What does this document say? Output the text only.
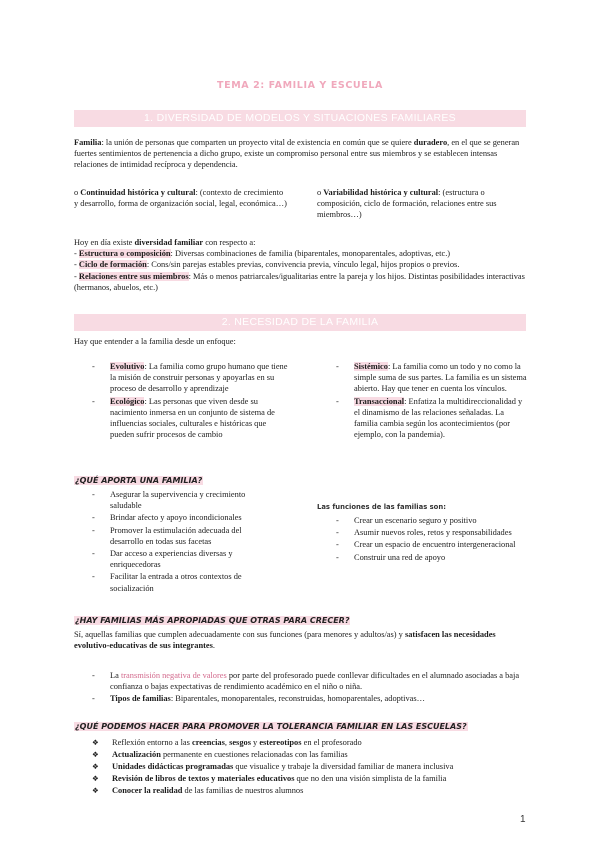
TEMA 2: FAMILIA Y ESCUELA
1. DIVERSIDAD DE MODELOS Y SITUACIONES FAMILIARES
Familia: la unión de personas que comparten un proyecto vital de existencia en común que se quiere duradero, en el que se generan fuertes sentimientos de pertenencia a dicho grupo, existe un compromiso personal entre sus miembros y se establecen intensas relaciones de intimidad recíproca y dependencia.
o Continuidad histórica y cultural: (contexto de crecimiento y desarrollo, forma de organización social, legal, económica…)
o Variabilidad histórica y cultural: (estructura o composición, ciclo de formación, relaciones entre sus miembros…)
Hoy en día existe diversidad familiar con respecto a:
- Estructura o composición: Diversas combinaciones de familia (biparentales, monoparentales, adoptivas, etc.)
- Ciclo de formación: Cons/sin parejas estables previas, convivencia previa, vínculo legal, hijos propios o previos.
- Relaciones entre sus miembros: Más o menos patriarcales/igualitarias entre la pareja y los hijos. Distintas posibilidades interactivas (hermanos, abuelos, etc.)
2. NECESIDAD DE LA FAMILIA
Hay que entender a la familia desde un enfoque:
- Evolutivo: La familia como grupo humano que tiene la misión de construir personas y apoyarlas en su proceso de desarrollo y aprendizaje
- Ecológico: Las personas que viven desde su nacimiento inmersa en un conjunto de sistema de influencias sociales, culturales e históricas que pueden sufrir procesos de cambio
- Sistémico: La familia como un todo y no como la simple suma de sus partes. La familia es un sistema abierto. Hay que tener en cuenta los vínculos.
- Transaccional: Enfatiza la multidireccionalidad y el dinamismo de las relaciones señaladas. La familia cambia según los acontecimientos (por ejemplo, con la pandemia).
¿QUÉ APORTA UNA FAMILIA?
- Asegurar la supervivencia y crecimiento saludable
- Brindar afecto y apoyo incondicionales
- Promover la estimulación adecuada del desarrollo en todas sus facetas
- Dar acceso a experiencias diversas y enriquecedoras
- Facilitar la entrada a otros contextos de socialización
Las funciones de las familias son:
- Crear un escenario seguro y positivo
- Asumir nuevos roles, retos y responsabilidades
- Crear un espacio de encuentro intergeneracional
- Construir una red de apoyo
¿HAY FAMILIAS MÁS APROPIADAS QUE OTRAS PARA CRECER?
Sí, aquellas familias que cumplen adecuadamente con sus funciones (para menores y adultos/as) y satisfacen las necesidades evolutivo-educativas de sus integrantes.
- La transmisión negativa de valores por parte del profesorado puede conllevar dificultades en el alumnado asociadas a baja confianza o bajas expectativas de rendimiento académico en el niño o niña.
- Tipos de familias: Biparentales, monoparentales, reconstruidas, homoparentales, adoptivas…
¿QUÉ PODEMOS HACER PARA PROMOVER LA TOLERANCIA FAMILIAR EN LAS ESCUELAS?
❖ Reflexión entorno a las creencias, sesgos y estereotipos en el profesorado
❖ Actualización permanente en cuestiones relacionadas con las familias
❖ Unidades didácticas programadas que visualice y trabaje la diversidad familiar de manera inclusiva
❖ Revisión de libros de textos y materiales educativos que no den una visión simplista de la familia
❖ Conocer la realidad de las familias de nuestros alumnos
1
